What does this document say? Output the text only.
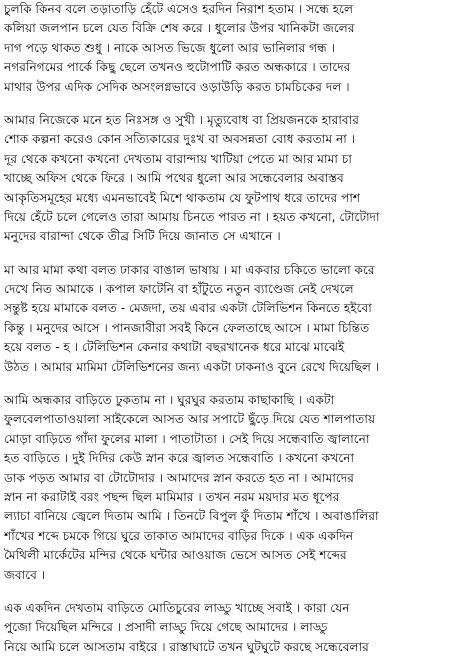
চুলকি কিনব বলে তড়াতাড়ি হেঁটে এসেও হরদিন নিরাশ হতাম । সন্ধে হলে
কলিয়া জলপান চলে যেত বিক্রি শেষ করে । ধুলোর উপর খানিকটা জলের
দাগ পড়ে থাকত শুধু । নাকে আসত ভিজে ধুলো আর ভানিলার গন্ধ ।
নগরনিগমের পার্কে কিছু ছেলে তখনও হুটোপাটি করত অন্ধকারে । তাদের
মাথার উপর এদিক সেদিক অসংলগ্নভাবে ওড়াউড়ি করত চামচিকের দল ।
আমার নিজেকে মনে হত নিঃসঙ্গ ও সুখী । মৃত্যুবোধ বা প্রিয়জনকে হারাবার
শোক কল্পনা করেও কোন সত্যিকারের দুঃখ বা অবসন্নতা বোধ করতাম না ।
দূর থেকে কখনো কখনো দেখতাম বারান্দায় খাটিয়া পেতে মা আর মামা চা
খাচ্ছে অফিস থেকে ফিরে । আমি পথের ধুলো আর সন্ধেবেলার অবাস্তব
আকৃতিসমূহের মধ্যে এমনভাবেই মিশে থাকতাম যে ফুটপাথ ধরে তাদের পাশ
দিয়ে হেঁটে চলে গেলেও তারা আমায় চিনতে পারত না । হয়ত কখনো, টোটোদা
মনুদের বারান্দা থেকে তীব্র সিটি দিয়ে জানাত সে এখানে ।
মা আর মামা কথা বলত ঢাকার বাঙাল ভাষায় । মা একবার চকিতে ভালো করে
দেখে নিত আমাকে । কপাল ফাটেনি বা হাঁটুতে নতুন ব্যাণ্ডেজ নেই দেখলে
সন্তুষ্ট হয়ে মামাকে বলত - মেজদা, তয় এবার একটা টেলিভিশন কিনতে হইবো
কিন্তু । মনুদের আসে । পানজাবীরা সবই কিনে ফেলতাছে আসে । মামা চিন্তিত
হয়ে বলত - হ । টেলিভিশন কেনার কথাটা বছরখানেক ধরে মাঝে মাঝেই
উঠত । আমার মামিমা টেলিভিশনের জন্য একটা ঢাকনাও বুনে রেখে দিয়েছিল ।
আমি অন্ধকার বাড়িতে ঢুকতাম না । ঘুরঘুর করতাম কাছাকাছি । একটা
ফুলবেলপাতাওয়ালা সাইকেলে আসত আর সপাটে ছুঁড়ে দিয়ে যেত শালপাতায়
মোড়া বাড়িতে গাঁদা ফুলের মালা । পাতাটাতা । সেই দিয়ে সন্ধেবাতি জ্বালানো
হত বাড়িতে । দুই দিদির কেউ স্নান করে জ্বালত সন্ধেবাতি । কখনো কখনো
ডাক পড়ত আমার বা টোটোদার । আমাদের স্নান করতে হত না । আমাদের
স্নান না করাটাই বরং পছন্দ ছিল মামিমার । তখন নরম ময়দার মত ধূপের
ল্যাচা বানিয়ে জ্বেলে দিতাম আমি । তিনটে বিপুল ফুঁ দিতাম শাঁখে । অবাঙালিরা
শাঁখের শব্দে চমকে গিয়ে ঘুরে তাকাত আমাদের বাড়ির দিকে । এক একদিন
মৈথিলী মার্কেটের মন্দির থেকে ঘন্টার আওয়াজ ভেসে আসত সেই শব্দের
জবাবে ।
এক একদিন দেখতাম বাড়িতে মোতিচুরের লাড্ডু খাচ্ছে সবাই । কারা যেন
পুজো দিয়েছিল মন্দিরে । প্রসাদী লাড্ডু দিয়ে গেছে আমাদের । লাড্ডু
নিয়ে আমি চলে আসতাম বাইরে । রাস্তাঘাটে তখন ঘুটঘুটে করছে সন্ধেবেলার
